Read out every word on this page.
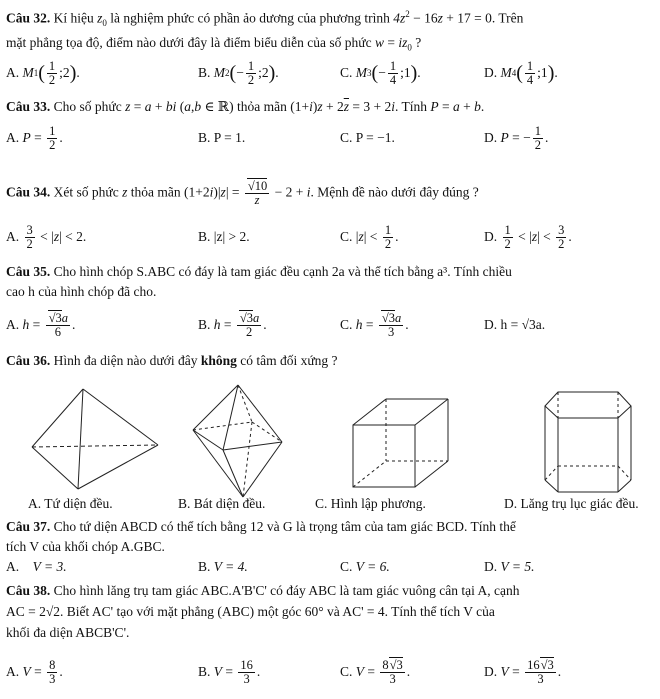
Câu 32. Kí hiệu $z_0$ là nghiệm phức có phần ảo dương của phương trình $4z^2 - 16z + 17 = 0$. Trên
mặt phẳng tọa độ, điểm nào dưới đây là điểm biểu diễn của số phức $w = iz_0$ ?
A.
M 1 ( $\frac{1}{2}$ ;2 ) .	B.
M 2 ( − $\frac{1}{2}$ ;2 ) .	C.
M 3 ( − $\frac{1}{4}$ ;1 ) .	D.
M 4 ( $\frac{1}{4}$ ;1 ) .
Câu 33. Cho số phức z = a + bi (a,b ∈ ℝ) thỏa mãn $(1+i)z + 2\overline{z} = 3 + 2i$. Tính P = a + b.
A.
$P = \frac{1}{2}$ .	B.
P = 1.	C.
P = −1.	D.
P = − $\frac{1}{2}$ .
Câu 34. Xét số phức z thỏa mãn $(1+2i)|z| = \frac{√10}{z} - 2 + i$. Mệnh đề nào dưới đây đúng ?
A.
$\frac{3}{2}$ < | z | < 2.	B.
|z| > 2.	C. | z | < $\frac{1}{2}$ .	D.
$\frac{1}{2}$ < | z | < $\frac{3}{2}$ .
Câu 35. Cho hình chóp S.ABC có đáy là tam giác đều cạnh 2a và thể tích bằng a³. Tính chiều
cao h của hình chóp đã cho.
A.
$h = \frac{√3a}{6}$ .	B.
$h = \frac{√3a}{2}$ .	C.
$h = \frac{√3a}{3}$ .	D.
h = √3a.
Câu 36. Hình đa diện nào dưới đây không có tâm đối xứng ?
A. Tứ diện đều.	B. Bát diện đều.	C. Hình lập phương.	D. Lăng trụ lục giác đều.
Câu 37. Cho tứ diện ABCD có thể tích bằng 12 và G là trọng tâm của tam giác BCD. Tính thể
tích V của khối chóp A.GBC.
A.
V = 3.	B.
V = 4.	C.
V = 6.	D.
V = 5.
Câu 38. Cho hình lăng trụ tam giác ABC.A'B'C' có đáy ABC là tam giác vuông cân tại A, cạnh
AC = 2√2. Biết AC' tạo với mặt phẳng (ABC) một góc 60° và AC' = 4. Tính thể tích V của
khối đa diện ABCB'C'.
A.
$V = \frac{8}{3}$ .	B.
$V = \frac{16}{3}$ .	C.
$V = \frac{8√3}{3}$ .	D.
$V = \frac{16√3}{3}$ .
